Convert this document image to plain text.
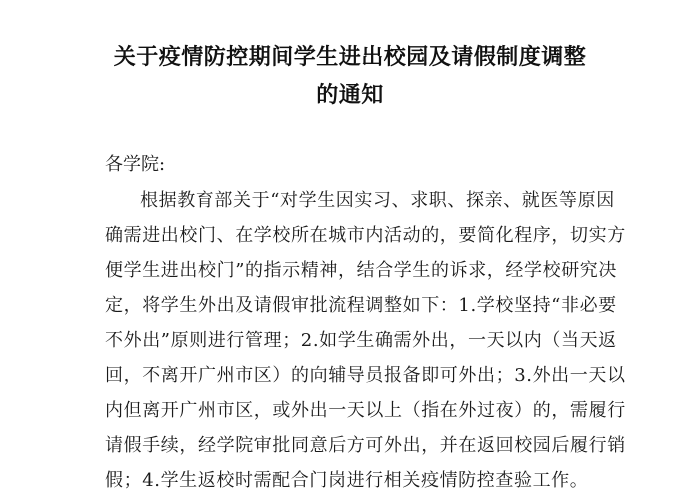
关于疫情防控期间学生进出校园及请假制度调整
的通知
各学院:
根据教育部关于“对学生因实习、求职、探亲、就医等原因
确需进出校门、在学校所在城市内活动的，要简化程序，切实方
便学生进出校门”的指示精神，结合学生的诉求，经学校研究决
定，将学生外出及请假审批流程调整如下：1.学校坚持“非必要
不外出”原则进行管理；2.如学生确需外出，一天以内（当天返
回，不离开广州市区）的向辅导员报备即可外出；3.外出一天以
内但离开广州市区，或外出一天以上（指在外过夜）的，需履行
请假手续，经学院审批同意后方可外出，并在返回校园后履行销
假；4.学生返校时需配合门岗进行相关疫情防控查验工作。
